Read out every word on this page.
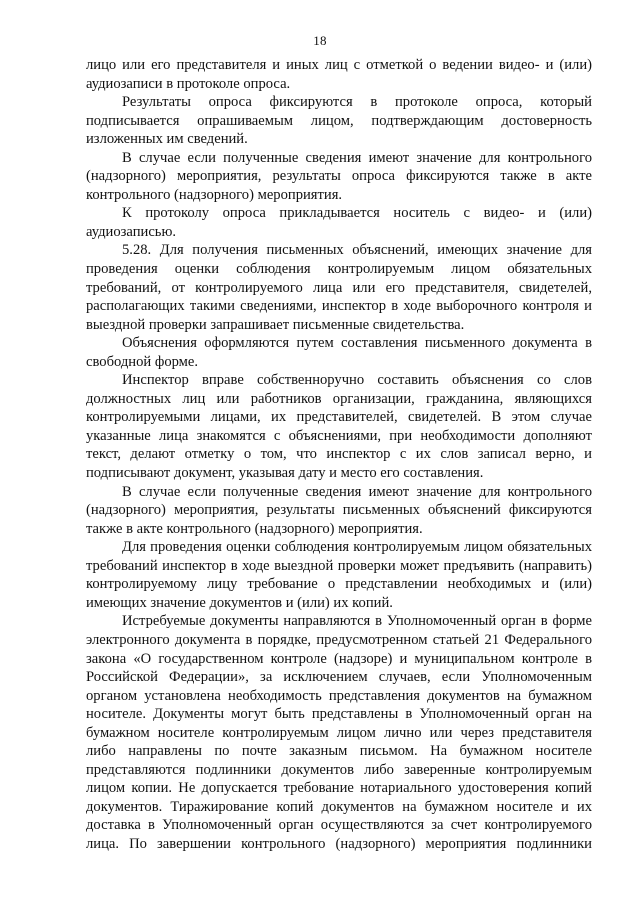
18

лицо или его представителя и иных лиц с отметкой о ведении видео- и (или) аудиозаписи в протоколе опроса.

Результаты опроса фиксируются в протоколе опроса, который подписывается опрашиваемым лицом, подтверждающим достоверность изложенных им сведений.

В случае если полученные сведения имеют значение для контрольного (надзорного) мероприятия, результаты опроса фиксируются также в акте контрольного (надзорного) мероприятия.

К протоколу опроса прикладывается носитель с видео- и (или) аудиозаписью.

5.28. Для получения письменных объяснений, имеющих значение для проведения оценки соблюдения контролируемым лицом обязательных требований, от контролируемого лица или его представителя, свидетелей, располагающих такими сведениями, инспектор в ходе выборочного контроля и выездной проверки запрашивает письменные свидетельства.

Объяснения оформляются путем составления письменного документа в свободной форме.

Инспектор вправе собственноручно составить объяснения со слов должностных лиц или работников организации, гражданина, являющихся контролируемыми лицами, их представителей, свидетелей. В этом случае указанные лица знакомятся с объяснениями, при необходимости дополняют текст, делают отметку о том, что инспектор с их слов записал верно, и подписывают документ, указывая дату и место его составления.

В случае если полученные сведения имеют значение для контрольного (надзорного) мероприятия, результаты письменных объяснений фиксируются также в акте контрольного (надзорного) мероприятия.

Для проведения оценки соблюдения контролируемым лицом обязательных требований инспектор в ходе выездной проверки может предъявить (направить) контролируемому лицу требование о представлении необходимых и (или) имеющих значение документов и (или) их копий.

Истребуемые документы направляются в Уполномоченный орган в форме электронного документа в порядке, предусмотренном статьей 21 Федерального закона «О государственном контроле (надзоре) и муниципальном контроле в Российской Федерации», за исключением случаев, если Уполномоченным органом установлена необходимость представления документов на бумажном носителе. Документы могут быть представлены в Уполномоченный орган на бумажном носителе контролируемым лицом лично или через представителя либо направлены по почте заказным письмом. На бумажном носителе представляются подлинники документов либо заверенные контролируемым лицом копии. Не допускается требование нотариального удостоверения копий документов. Тиражирование копий документов на бумажном носителе и их доставка в Уполномоченный орган осуществляются за счет контролируемого лица. По завершении контрольного (надзорного) мероприятия подлинники
